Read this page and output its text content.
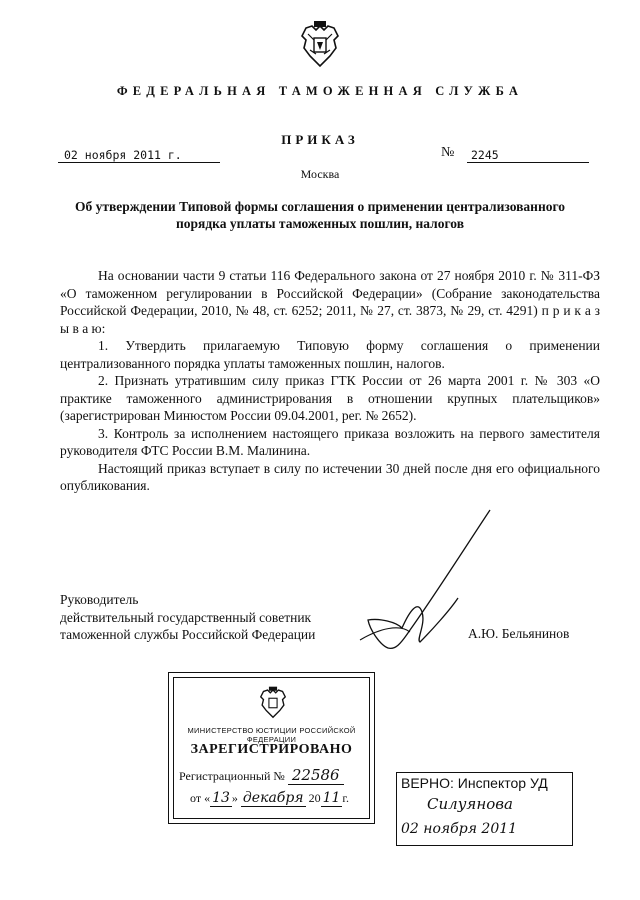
ФЕДЕРАЛЬНАЯ ТАМОЖЕННАЯ СЛУЖБА
ПРИКАЗ
02 ноября 2011 г.	№	2245
Москва
Об утверждении Типовой формы соглашения о применении централизованного порядка уплаты таможенных пошлин, налогов

На основании части 9 статьи 116 Федерального закона от 27 ноября 2010 г. № 311-ФЗ «О таможенном регулировании в Российской Федерации» (Собрание законодательства Российской Федерации, 2010, № 48, ст. 6252; 2011, № 27, ст. 3873, № 29, ст. 4291) п р и к а з ы в а ю:

1. Утвердить прилагаемую Типовую форму соглашения о применении централизованного порядка уплаты таможенных пошлин, налогов.

2. Признать утратившим силу приказ ГТК России от 26 марта 2001 г. № 303 «О практике таможенного администрирования в отношении крупных плательщиков» (зарегистрирован Минюстом России 09.04.2001, рег. № 2652).

3. Контроль за исполнением настоящего приказа возложить на первого заместителя руководителя ФТС России В.М. Малинина.

Настоящий приказ вступает в силу по истечении 30 дней после дня его официального опубликования.

Руководитель
действительный государственный советник
таможенной службы Российской Федерации	А.Ю. Бельянинов
МИНИСТЕРСТВО ЮСТИЦИИ РОССИЙСКОЙ ФЕДЕРАЦИИ
ЗАРЕГИСТРИРОВАНО
Регистрационный № 22586
от « 13 » декабря 20 11 г.
ВЕРНО: Инспектор УД
Силуянова
02 ноября 2011
